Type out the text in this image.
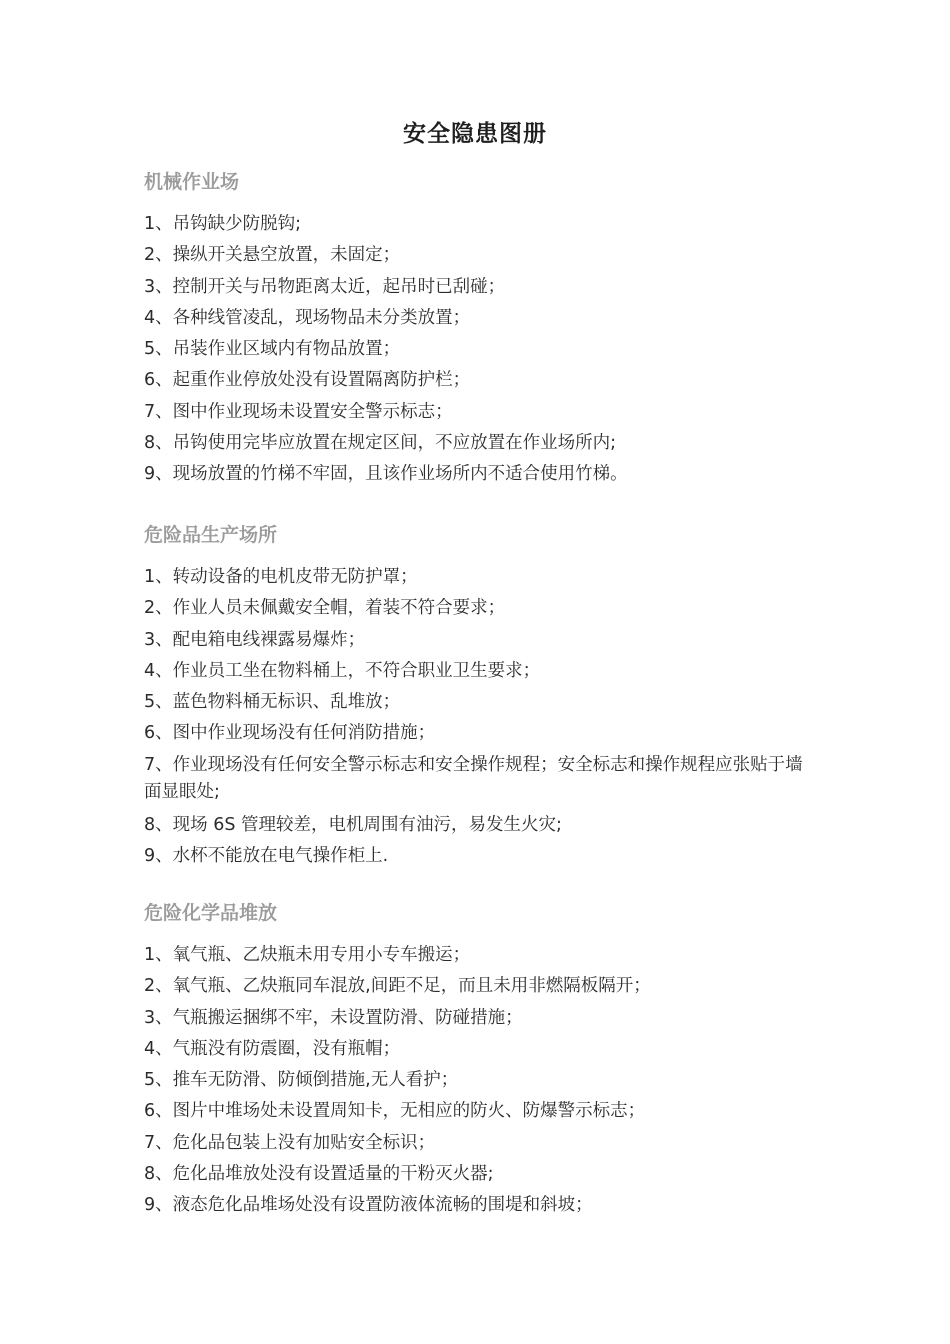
安全隐患图册
机械作业场
1、吊钩缺少防脱钩;
2、操纵开关悬空放置，未固定；
3、控制开关与吊物距离太近，起吊时已刮碰；
4、各种线管凌乱，现场物品未分类放置；
5、吊装作业区域内有物品放置；
6、起重作业停放处没有设置隔离防护栏；
7、图中作业现场未设置安全警示标志；
8、吊钩使用完毕应放置在规定区间，不应放置在作业场所内;
9、现场放置的竹梯不牢固，且该作业场所内不适合使用竹梯。
危险品生产场所
1、转动设备的电机皮带无防护罩；
2、作业人员未佩戴安全帽，着装不符合要求；
3、配电箱电线裸露易爆炸；
4、作业员工坐在物料桶上，不符合职业卫生要求；
5、蓝色物料桶无标识、乱堆放；
6、图中作业现场没有任何消防措施；
7、作业现场没有任何安全警示标志和安全操作规程；安全标志和操作规程应张贴于墙面显眼处;
8、现场 6S 管理较差，电机周围有油污，易发生火灾;
9、水杯不能放在电气操作柜上.
危险化学品堆放
1、氧气瓶、乙炔瓶未用专用小专车搬运；
2、氧气瓶、乙炔瓶同车混放,间距不足，而且未用非燃隔板隔开；
3、气瓶搬运捆绑不牢，未设置防滑、防碰措施；
4、气瓶没有防震圈，没有瓶帽；
5、推车无防滑、防倾倒措施,无人看护；
6、图片中堆场处未设置周知卡，无相应的防火、防爆警示标志；
7、危化品包装上没有加贴安全标识；
8、危化品堆放处没有设置适量的干粉灭火器;
9、液态危化品堆场处没有设置防液体流畅的围堤和斜坡；
